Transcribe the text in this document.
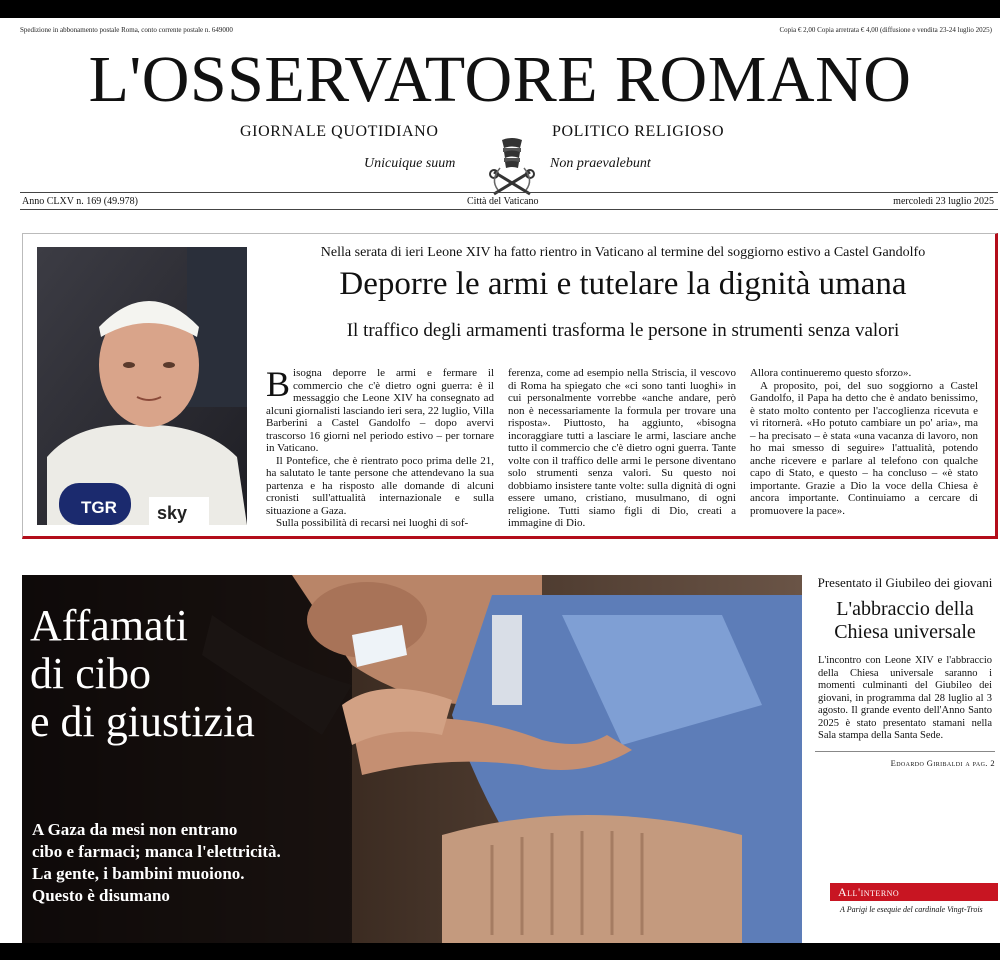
Spedizione in abbonamento postale Roma, conto corrente postale n. 649000	Copia € 2,00 Copia arretrata € 4,00 (diffusione e vendita 23-24 luglio 2025)
L'OSSERVATORE ROMANO
GIORNALE QUOTIDIANO	POLITICO RELIGIOSO
Unicuique suum	Non praevalebunt
Anno CLXV n. 169 (49.978)	Città del Vaticano	mercoledì 23 luglio 2025
TGR sky
Nella serata di ieri Leone XIV ha fatto rientro in Vaticano al termine del soggiorno estivo a Castel Gandolfo
Deporre le armi e tutelare la dignità umana
Il traffico degli armamenti trasforma le persone in strumenti senza valori

Bisogna deporre le armi e fermare il commercio che c'è dietro ogni guerra: è il messaggio che Leone XIV ha consegnato ad alcuni giornalisti lasciando ieri sera, 22 luglio, Villa Barberini a Castel Gandolfo – dopo avervi trascorso 16 giorni nel periodo estivo – per tornare in Vaticano.

Il Pontefice, che è rientrato poco prima delle 21, ha salutato le tante persone che attendevano la sua partenza e ha risposto alle domande di alcuni cronisti sull'attualità internazionale e sulla situazione a Gaza.

Sulla possibilità di recarsi nei luoghi di sof-

ferenza, come ad esempio nella Striscia, il vescovo di Roma ha spiegato che «ci sono tanti luoghi» in cui personalmente vorrebbe «anche andare, però non è necessariamente la formula per trovare una risposta». Piuttosto, ha aggiunto, «bisogna incoraggiare tutti a lasciare le armi, lasciare anche tutto il commercio che c'è dietro ogni guerra. Tante volte con il traffico delle armi le persone diventano solo strumenti senza valori. Su questo noi dobbiamo insistere tante volte: sulla dignità di ogni essere umano, cristiano, musulmano, di ogni religione. Tutti siamo figli di Dio, creati a immagine di Dio.

Allora continueremo questo sforzo».

A proposito, poi, del suo soggiorno a Castel Gandolfo, il Papa ha detto che è andato benissimo, è stato molto contento per l'accoglienza ricevuta e vi ritornerà. «Ho potuto cambiare un po' aria», ma – ha precisato – è stata «una vacanza di lavoro, non ho mai smesso di seguire» l'attualità, potendo anche ricevere e parlare al telefono con qualche capo di Stato, e questo – ha concluso – «è stato importante. Grazie a Dio la voce della Chiesa è ancora importante. Continuiamo a cercare di promuovere la pace».

Affamati
di cibo
e di giustizia
A Gaza da mesi non entrano
cibo e farmaci; manca l'elettricità.
La gente, i bambini muoiono.
Questo è disumano
Presentato il Giubileo dei giovani
L'abbraccio della Chiesa universale
L'incontro con Leone XIV e l'abbraccio della Chiesa universale saranno i momenti culminanti del Giubileo dei giovani, in programma dal 28 luglio al 3 agosto. Il grande evento dell'Anno Santo 2025 è stato presentato stamani nella Sala stampa della Santa Sede.
Edoardo Giribaldi a pag. 2
All'interno
A Parigi le esequie del cardinale Vingt-Trois
